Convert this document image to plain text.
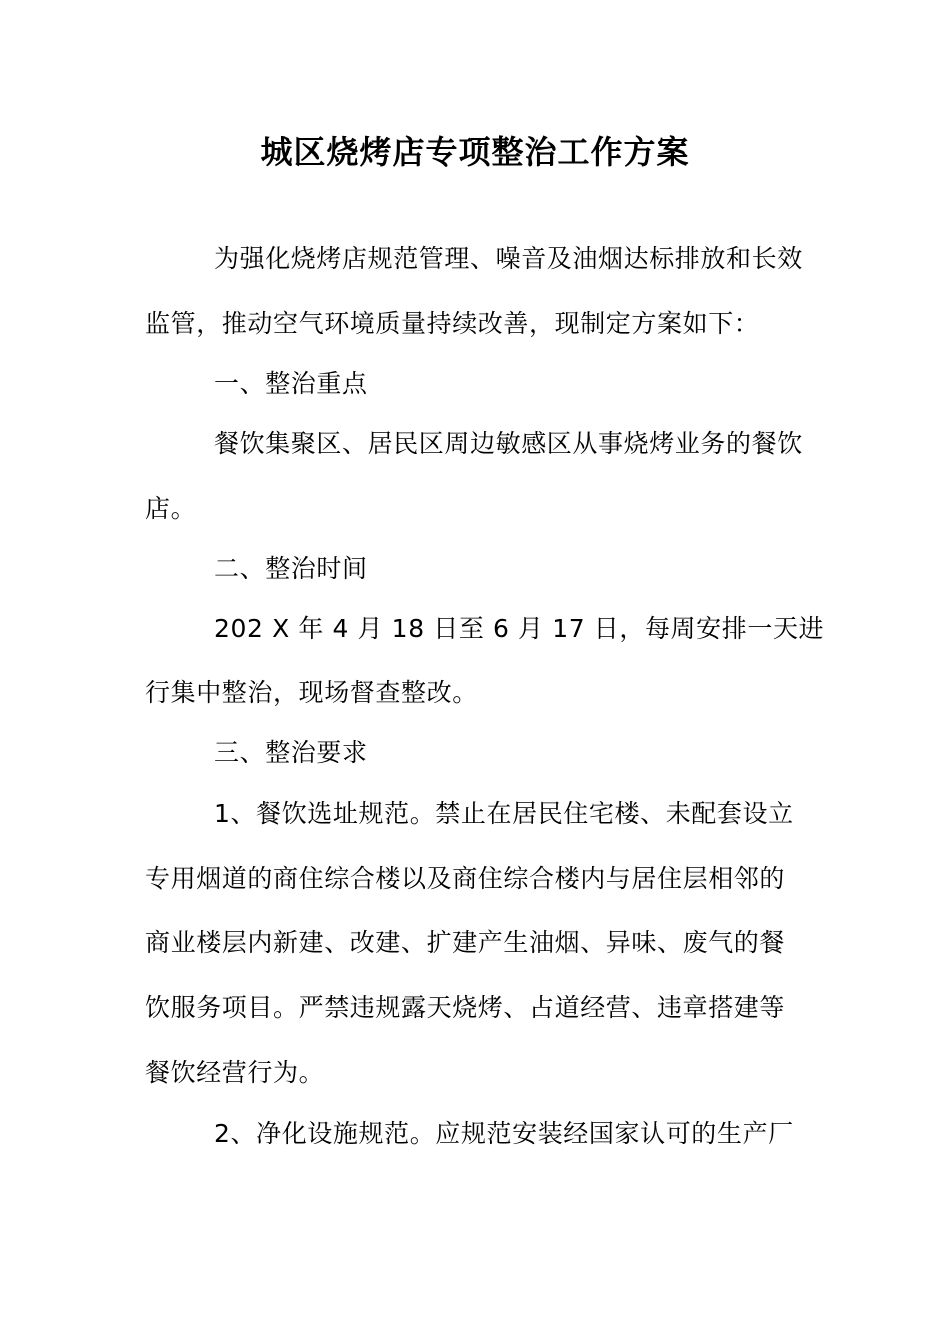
城区烧烤店专项整治工作方案
为强化烧烤店规范管理、噪音及油烟达标排放和长效
监管，推动空气环境质量持续改善，现制定方案如下：
一、整治重点
餐饮集聚区、居民区周边敏感区从事烧烤业务的餐饮
店。
二、整治时间
202 X 年 4 月 18 日至 6 月 17 日，每周安排一天进
行集中整治，现场督查整改。
三、整治要求
1、餐饮选址规范。禁止在居民住宅楼、未配套设立
专用烟道的商住综合楼以及商住综合楼内与居住层相邻的
商业楼层内新建、改建、扩建产生油烟、异味、废气的餐
饮服务项目。严禁违规露天烧烤、占道经营、违章搭建等
餐饮经营行为。
2、净化设施规范。应规范安装经国家认可的生产厂
